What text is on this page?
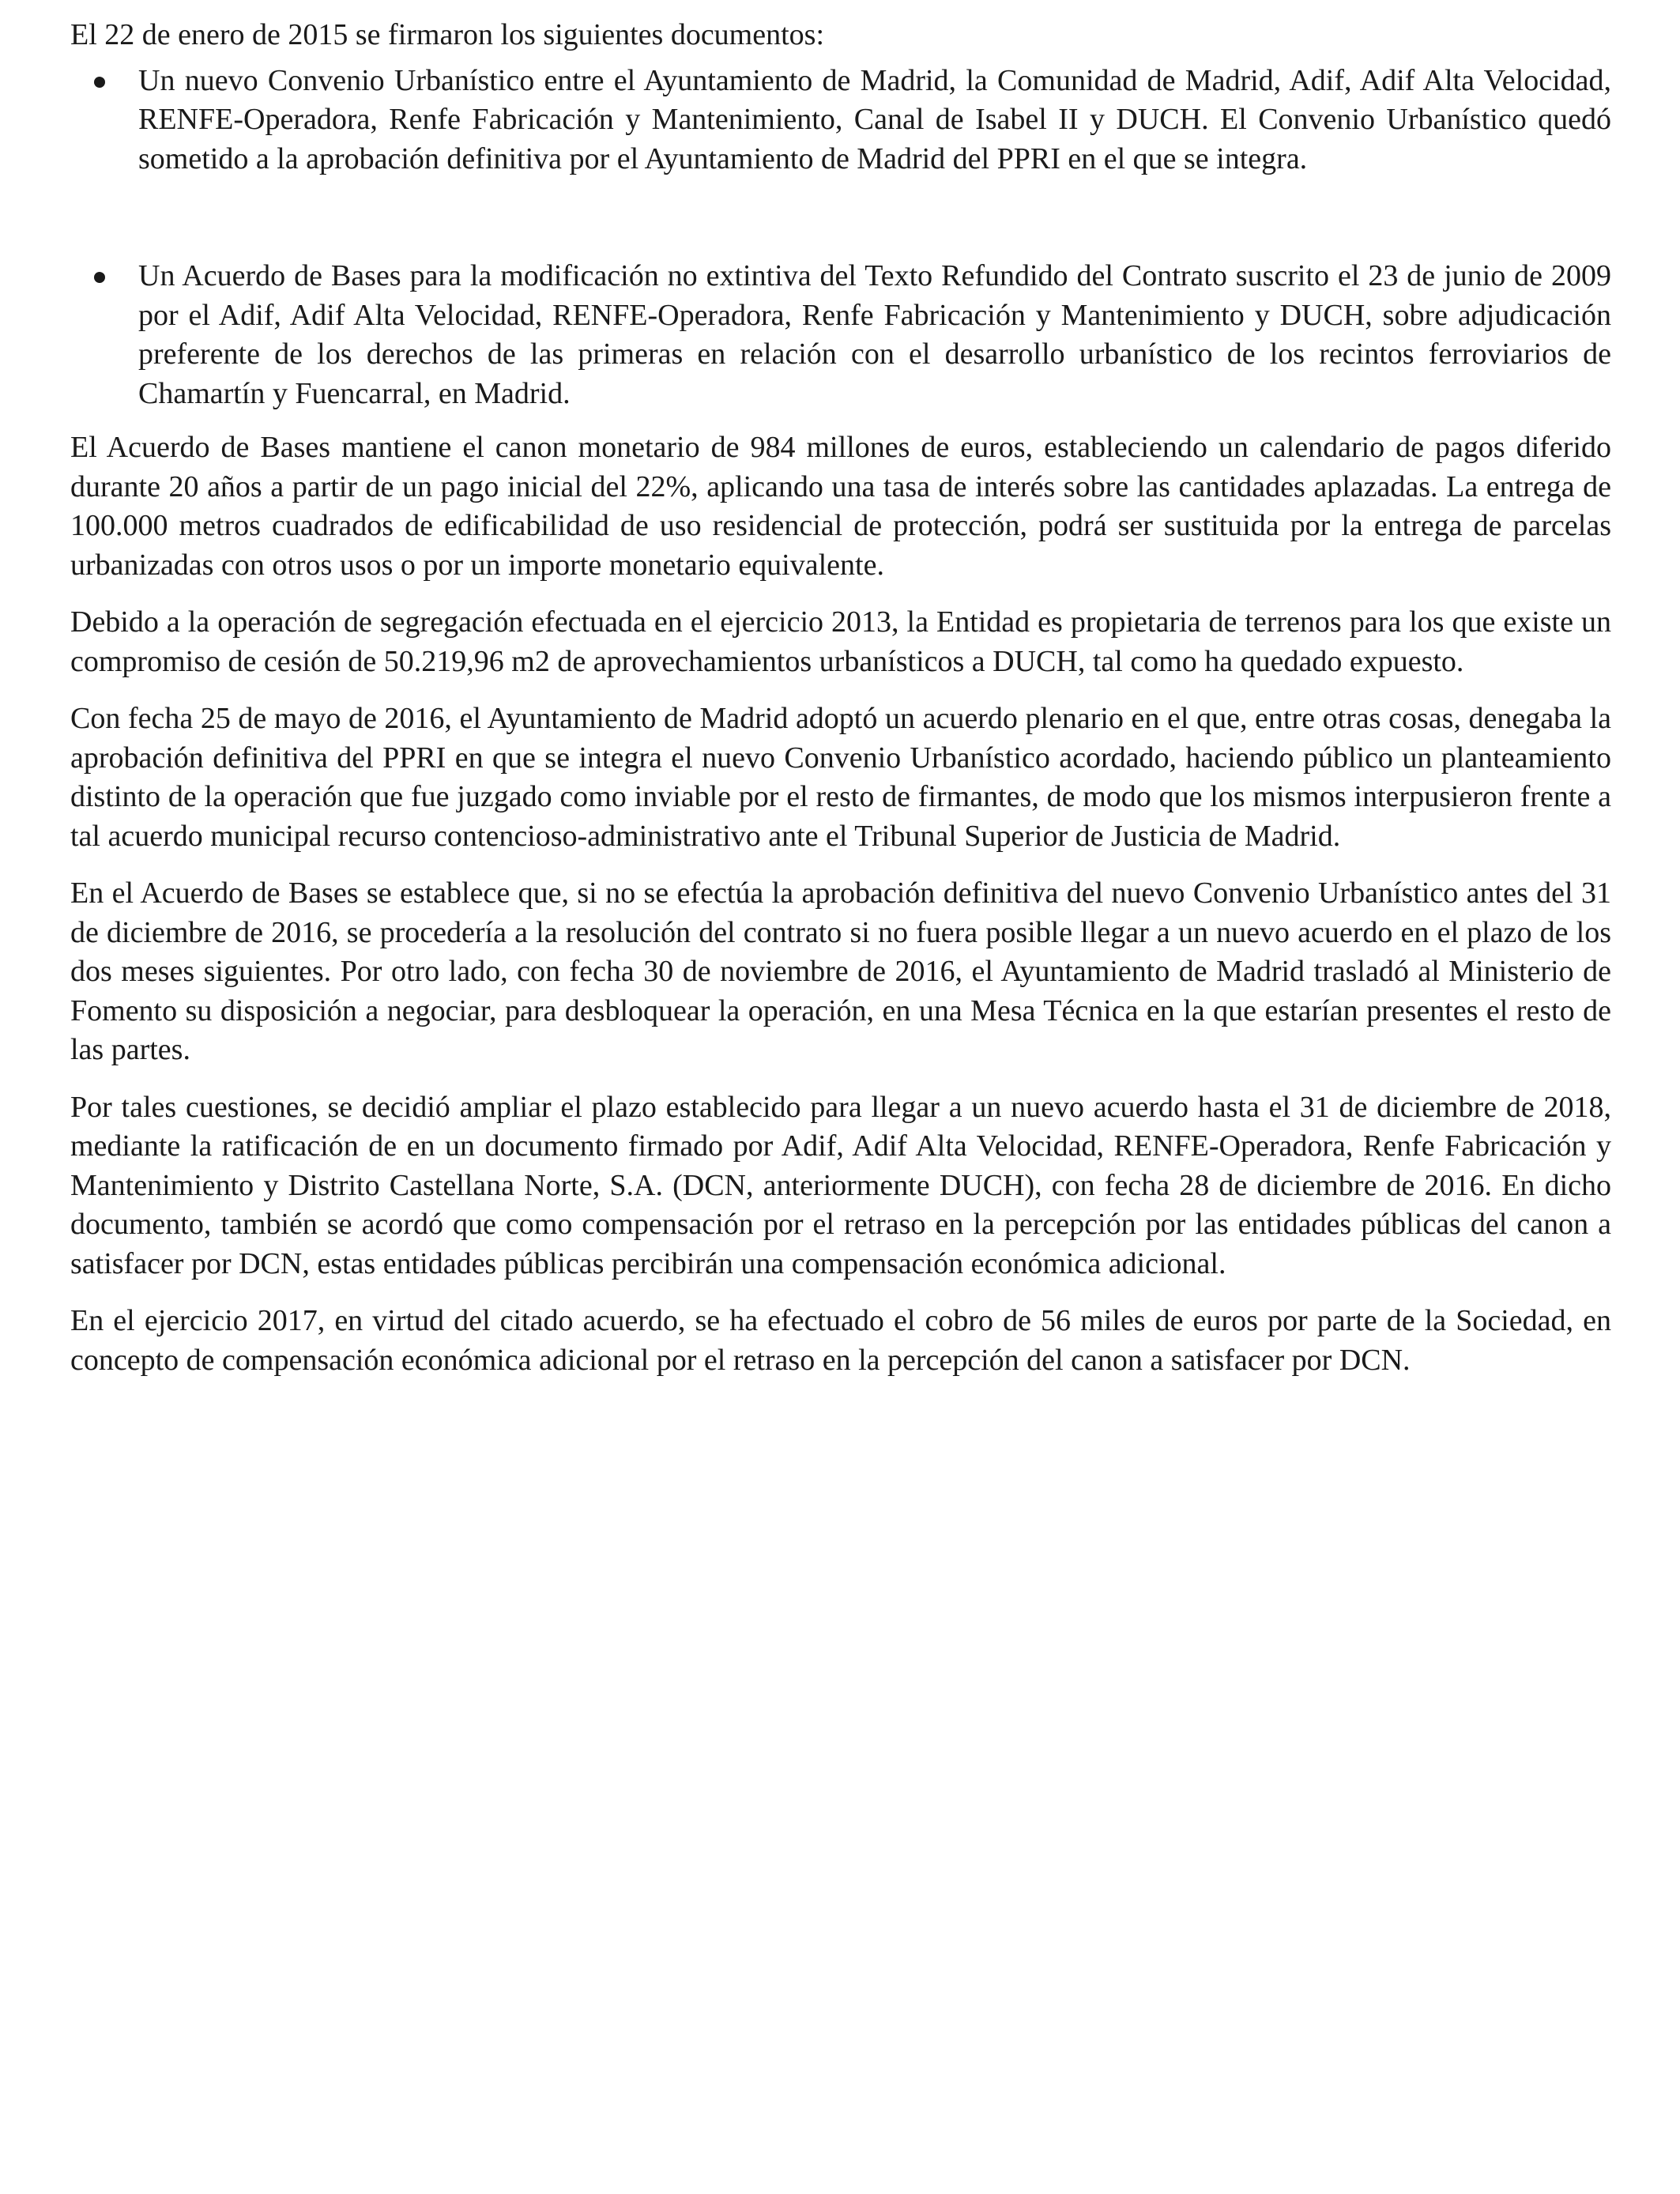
El 22 de enero de 2015 se firmaron los siguientes documentos:

Un nuevo Convenio Urbanístico entre el Ayuntamiento de Madrid, la Comunidad de Madrid, Adif, Adif Alta Velocidad, RENFE-Operadora, Renfe Fabricación y Mantenimiento, Canal de Isabel II y DUCH. El Convenio Urbanístico quedó sometido a la aprobación definitiva por el Ayuntamiento de Madrid del PPRI en el que se integra.
Un Acuerdo de Bases para la modificación no extintiva del Texto Refundido del Contrato suscrito el 23 de junio de 2009 por el Adif, Adif Alta Velocidad, RENFE-Operadora, Renfe Fabricación y Mantenimiento y DUCH, sobre adjudicación preferente de los derechos de las primeras en relación con el desarrollo urbanístico de los recintos ferroviarios de Chamartín y Fuencarral, en Madrid.

El Acuerdo de Bases mantiene el canon monetario de 984 millones de euros, estableciendo un calendario de pagos diferido durante 20 años a partir de un pago inicial del 22%, aplicando una tasa de interés sobre las cantidades aplazadas. La entrega de 100.000 metros cuadrados de edificabilidad de uso residencial de protección, podrá ser sustituida por la entrega de parcelas urbanizadas con otros usos o por un importe monetario equivalente.

Debido a la operación de segregación efectuada en el ejercicio 2013, la Entidad es propietaria de terrenos para los que existe un compromiso de cesión de 50.219,96 m2 de aprovechamientos urbanísticos a DUCH, tal como ha quedado expuesto.

Con fecha 25 de mayo de 2016, el Ayuntamiento de Madrid adoptó un acuerdo plenario en el que, entre otras cosas, denegaba la aprobación definitiva del PPRI en que se integra el nuevo Convenio Urbanístico acordado, haciendo público un planteamiento distinto de la operación que fue juzgado como inviable por el resto de firmantes, de modo que los mismos interpusieron frente a tal acuerdo municipal recurso contencioso-administrativo ante el Tribunal Superior de Justicia de Madrid.

En el Acuerdo de Bases se establece que, si no se efectúa la aprobación definitiva del nuevo Convenio Urbanístico antes del 31 de diciembre de 2016, se procedería a la resolución del contrato si no fuera posible llegar a un nuevo acuerdo en el plazo de los dos meses siguientes. Por otro lado, con fecha 30 de noviembre de 2016, el Ayuntamiento de Madrid trasladó al Ministerio de Fomento su disposición a negociar, para desbloquear la operación, en una Mesa Técnica en la que estarían presentes el resto de las partes.

Por tales cuestiones, se decidió ampliar el plazo establecido para llegar a un nuevo acuerdo hasta el 31 de diciembre de 2018, mediante la ratificación de en un documento firmado por Adif, Adif Alta Velocidad, RENFE-Operadora, Renfe Fabricación y Mantenimiento y Distrito Castellana Norte, S.A. (DCN, anteriormente DUCH), con fecha 28 de diciembre de 2016. En dicho documento, también se acordó que como compensación por el retraso en la percepción por las entidades públicas del canon a satisfacer por DCN, estas entidades públicas percibirán una compensación económica adicional.

En el ejercicio 2017, en virtud del citado acuerdo, se ha efectuado el cobro de 56 miles de euros por parte de la Sociedad, en concepto de compensación económica adicional por el retraso en la percepción del canon a satisfacer por DCN.
